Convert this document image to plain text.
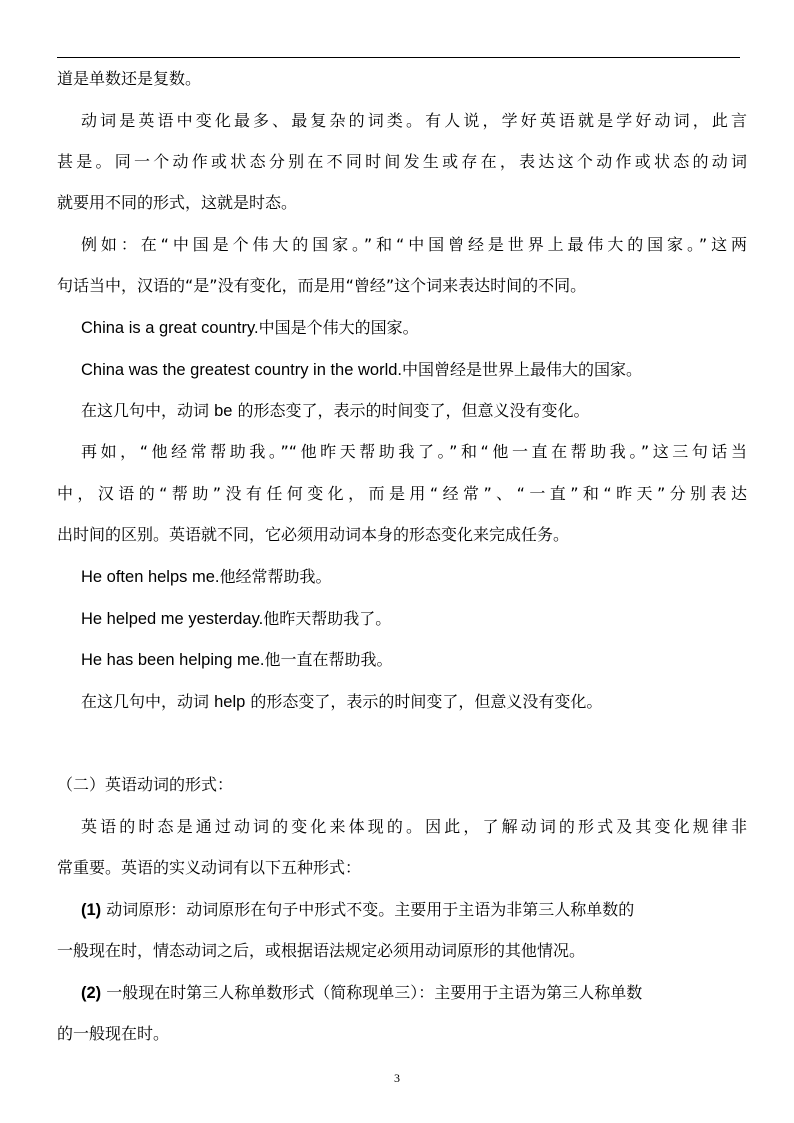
道是单数还是复数。
动词是英语中变化最多、最复杂的词类。有人说，学好英语就是学好动词，此言
甚是。同一个动作或状态分别在不同时间发生或存在，表达这个动作或状态的动词
就要用不同的形式，这就是时态。
例如：在“中国是个伟大的国家。”和“中国曾经是世界上最伟大的国家。”这两
句话当中，汉语的“是”没有变化，而是用“曾经”这个词来表达时间的不同。
China is a great country.中国是个伟大的国家。
China was the greatest country in the world.中国曾经是世界上最伟大的国家。
在这几句中，动词 be 的形态变了，表示的时间变了，但意义没有变化。
再如，“他经常帮助我。”“他昨天帮助我了。”和“他一直在帮助我。”这三句话当
中，汉语的“帮助”没有任何变化，而是用“经常”、“一直”和“昨天”分别表达
出时间的区别。英语就不同，它必须用动词本身的形态变化来完成任务。
He often helps me.他经常帮助我。
He helped me yesterday.他昨天帮助我了。
He has been helping me.他一直在帮助我。
在这几句中，动词 help 的形态变了，表示的时间变了，但意义没有变化。
（二）英语动词的形式：
英语的时态是通过动词的变化来体现的。因此，了解动词的形式及其变化规律非
常重要。英语的实义动词有以下五种形式：
(1) 动词原形：动词原形在句子中形式不变。主要用于主语为非第三人称单数的
一般现在时，情态动词之后，或根据语法规定必须用动词原形的其他情况。
(2) 一般现在时第三人称单数形式（简称现单三）：主要用于主语为第三人称单数
的一般现在时。
3
